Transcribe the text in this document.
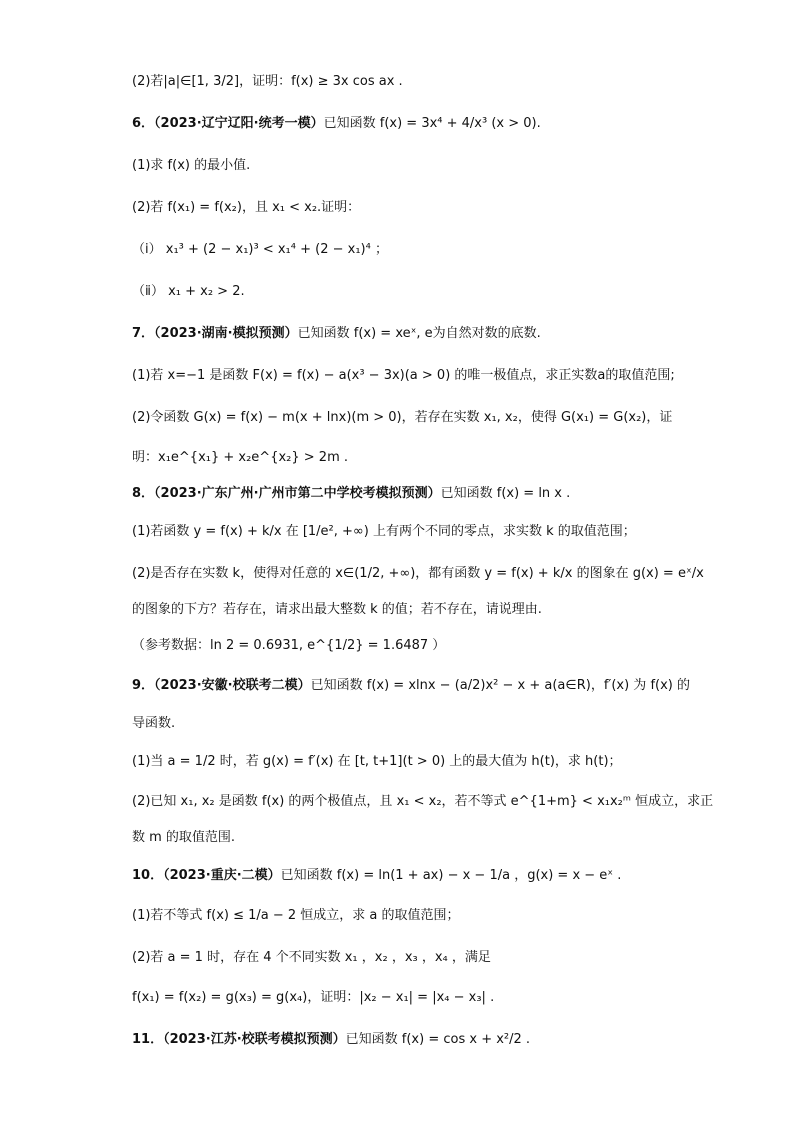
(2)若|a|∈[1, 3/2]，证明：f(x) ≥ 3x cos ax .
6．（2023·辽宁辽阳·统考一模）已知函数 f(x) = 3x⁴ + 4/x³ (x > 0).
(1)求 f(x) 的最小值.
(2)若 f(x₁) = f(x₂)，且 x₁ < x₂.证明：
（ⅰ） x₁³ + (2 − x₁)³ < x₁⁴ + (2 − x₁)⁴ ；
（ⅱ） x₁ + x₂ > 2.
7．（2023·湖南·模拟预测）已知函数 f(x) = xeˣ, e为自然对数的底数.
(1)若 x=−1 是函数 F(x) = f(x) − a(x³ − 3x)(a > 0) 的唯一极值点，求正实数a的取值范围;
(2)令函数 G(x) = f(x) − m(x + lnx)(m > 0)，若存在实数 x₁, x₂，使得 G(x₁) = G(x₂)，证
明：x₁e^{x₁} + x₂e^{x₂} > 2m .
8．（2023·广东广州·广州市第二中学校考模拟预测）已知函数 f(x) = ln x .
(1)若函数 y = f(x) + k/x 在 [1/e², +∞) 上有两个不同的零点，求实数 k 的取值范围；
(2)是否存在实数 k，使得对任意的 x∈(1/2, +∞)，都有函数 y = f(x) + k/x 的图象在 g(x) = eˣ/x
的图象的下方？若存在，请求出最大整数 k 的值；若不存在，请说理由.
（参考数据：ln 2 = 0.6931, e^{1/2} = 1.6487 ）
9．（2023·安徽·校联考二模）已知函数 f(x) = xlnx − (a/2)x² − x + a(a∈R)，f′(x) 为 f(x) 的
导函数.
(1)当 a = 1/2 时，若 g(x) = f′(x) 在 [t, t+1](t > 0) 上的最大值为 h(t)，求 h(t)；
(2)已知 x₁, x₂ 是函数 f(x) 的两个极值点，且 x₁ < x₂，若不等式 e^{1+m} < x₁x₂ᵐ 恒成立，求正
数 m 的取值范围.
10．（2023·重庆·二模）已知函数 f(x) = ln(1 + ax) − x − 1/a ，g(x) = x − eˣ .
(1)若不等式 f(x) ≤ 1/a − 2 恒成立，求 a 的取值范围；
(2)若 a = 1 时，存在 4 个不同实数 x₁ ，x₂ ，x₃ ，x₄ ，满足
f(x₁) = f(x₂) = g(x₃) = g(x₄)，证明：|x₂ − x₁| = |x₄ − x₃| .
11．（2023·江苏·校联考模拟预测）已知函数 f(x) = cos x + x²/2 .
